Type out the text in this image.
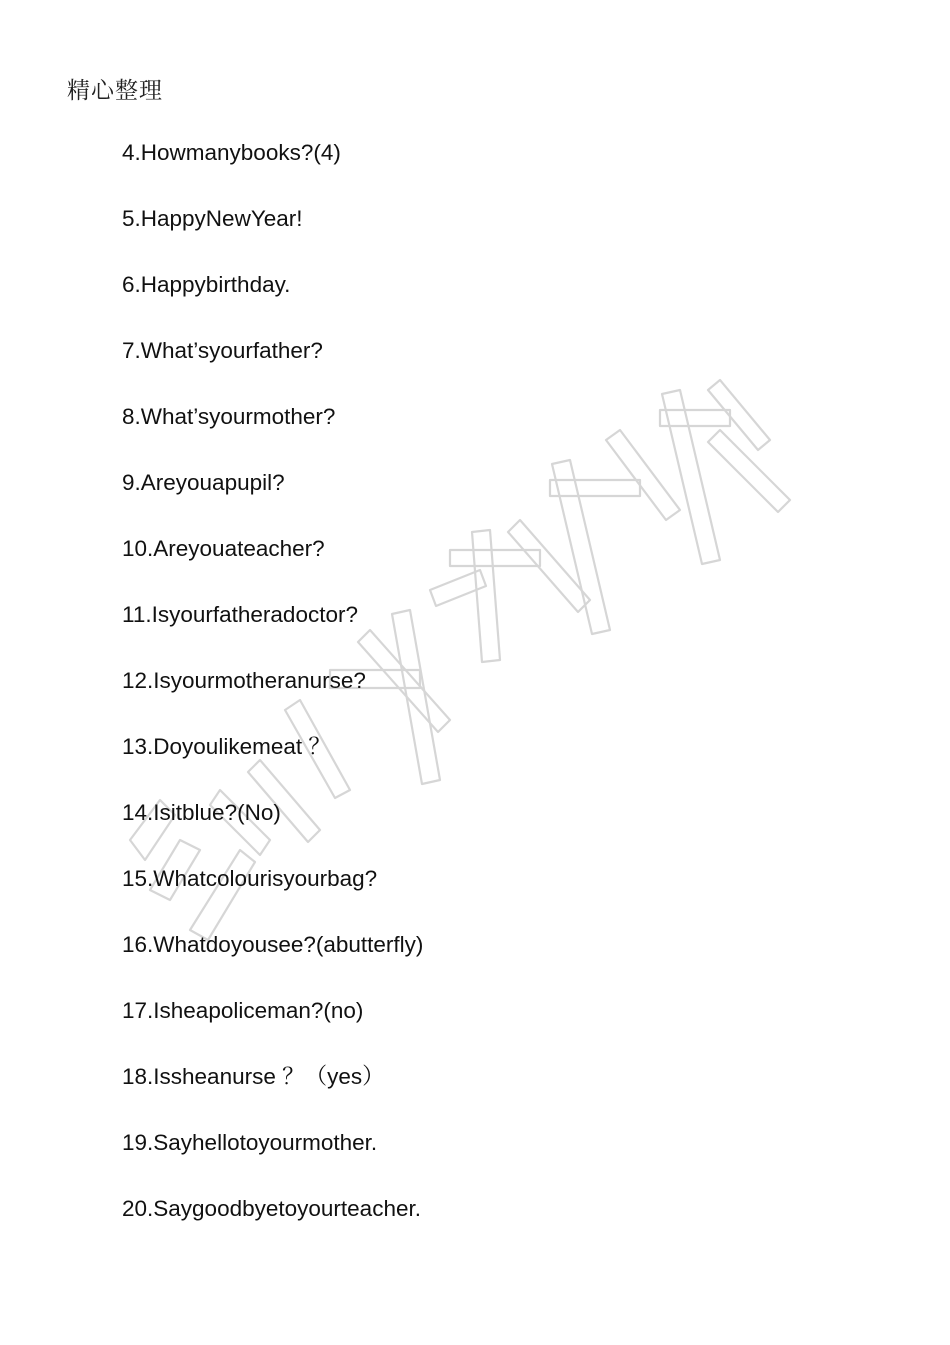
精心整理
4.Howmanybooks?(4)
5.HappyNewYear!
6.Happybirthday.
7.What’syourfather?
8.What’syourmother?
9.Areyouapupil?
10.Areyouateacher?
11.Isyourfatheradoctor?
12.Isyourmotheranurse?
13.Doyoulikemeat ？
14.Isitblue?(No)
15.Whatcolourisyourbag?
16.Whatdoyousee?(abutterfly)
17.Isheapoliceman?(no)
18.Issheanurse ？（yes）
19.Sayhellotoyourmother.
20.Saygoodbyetoyourteacher.
